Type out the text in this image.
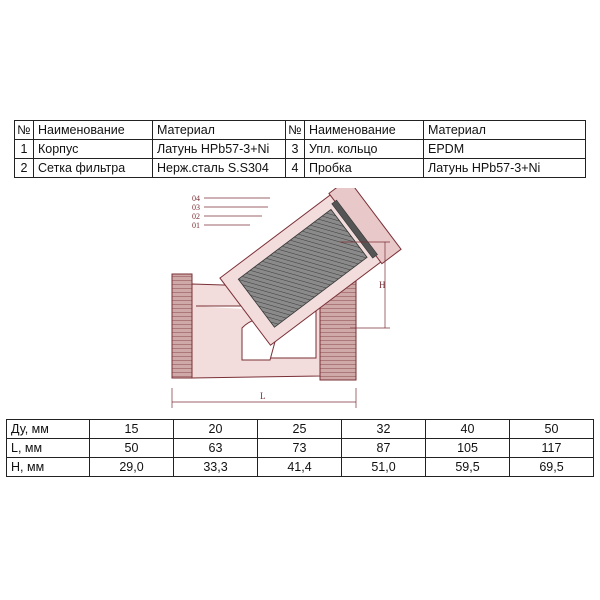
№	Наименование	Материал	№	Наименование	Материал
1	Корпус	Латунь HPb57-3+Ni	3	Упл. кольцо	EPDM
2	Сетка фильтра	Нерж.сталь S.S304	4	Пробка	Латунь HPb57-3+Ni
04
03
02
01
H
L
Ду, мм	15	20	25	32	40	50
L, мм	50	63	73	87	105	117
H, мм	29,0	33,3	41,4	51,0	59,5	69,5
